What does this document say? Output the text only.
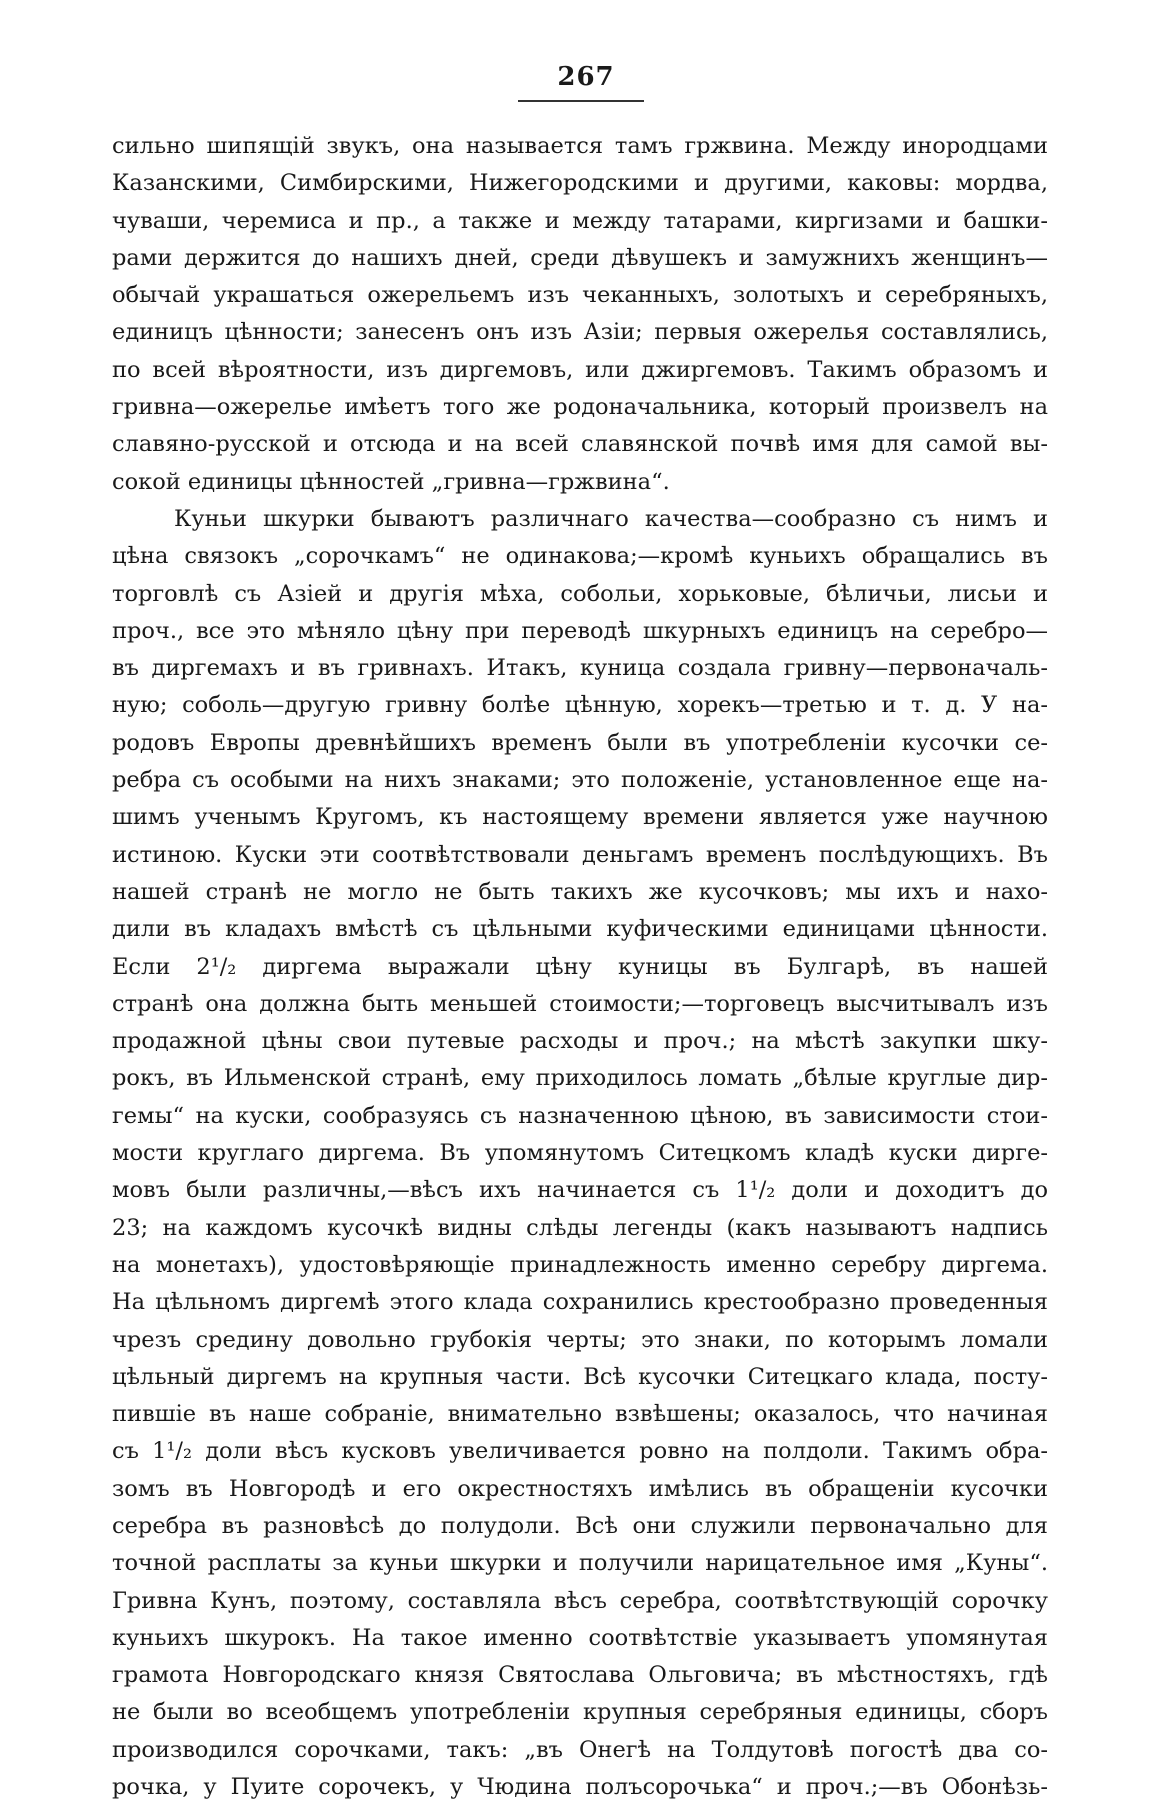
267
сильно шипящій звукъ, она называется тамъ гржвина. Между инородцами
Казанскими, Симбирскими, Нижегородскими и другими, каковы: мордва,
чуваши, черемиса и пр., а также и между татарами, киргизами и башки-
рами держится до нашихъ дней, среди дѣвушекъ и замужнихъ женщинъ—
обычай украшаться ожерельемъ изъ чеканныхъ, золотыхъ и серебряныхъ,
единицъ цѣнности; занесенъ онъ изъ Азіи; первыя ожерелья составлялись,
по всей вѣроятности, изъ диргемовъ, или джиргемовъ. Такимъ образомъ и
гривна—ожерелье имѣетъ того же родоначальника, который произвелъ на
славяно-русской и отсюда и на всей славянской почвѣ имя для самой вы-
сокой единицы цѣнностей „гривна—гржвина“.
Куньи шкурки бываютъ различнаго качества—сообразно съ нимъ и
цѣна связокъ „сорочкамъ“ не одинакова;—кромѣ куньихъ обращались въ
торговлѣ съ Азіей и другія мѣха, собольи, хорьковые, бѣличьи, лисьи и
проч., все это мѣняло цѣну при переводѣ шкурныхъ единицъ на серебро—
въ диргемахъ и въ гривнахъ. Итакъ, куница создала гривну—первоначаль-
ную; соболь—другую гривну болѣе цѣнную, хорекъ—третью и т. д. У на-
родовъ Европы древнѣйшихъ временъ были въ употребленіи кусочки се-
ребра съ особыми на нихъ знаками; это положеніе, установленное еще на-
шимъ ученымъ Кругомъ, къ настоящему времени является уже научною
истиною. Куски эти соотвѣтствовали деньгамъ временъ послѣдующихъ. Въ
нашей странѣ не могло не быть такихъ же кусочковъ; мы ихъ и нахо-
дили въ кладахъ вмѣстѣ съ цѣльными куфическими единицами цѣнности.
Если 2¹/₂ диргема выражали цѣну куницы въ Булгарѣ, въ нашей
странѣ она должна быть меньшей стоимости;—торговецъ высчитывалъ изъ
продажной цѣны свои путевые расходы и проч.; на мѣстѣ закупки шку-
рокъ, въ Ильменской странѣ, ему приходилось ломать „бѣлые круглые дир-
гемы“ на куски, сообразуясь съ назначенною цѣною, въ зависимости стои-
мости круглаго диргема. Въ упомянутомъ Ситецкомъ кладѣ куски дирге-
мовъ были различны,—вѣсъ ихъ начинается съ 1¹/₂ доли и доходитъ до
23; на каждомъ кусочкѣ видны слѣды легенды (какъ называютъ надпись
на монетахъ), удостовѣряющіе принадлежность именно серебру диргема.
На цѣльномъ диргемѣ этого клада сохранились крестообразно проведенныя
чрезъ средину довольно грубокія черты; это знаки, по которымъ ломали
цѣльный диргемъ на крупныя части. Всѣ кусочки Ситецкаго клада, посту-
пившіе въ наше собраніе, внимательно взвѣшены; оказалось, что начиная
съ 1¹/₂ доли вѣсъ кусковъ увеличивается ровно на полдоли. Такимъ обра-
зомъ въ Новгородѣ и его окрестностяхъ имѣлись въ обращеніи кусочки
серебра въ разновѣсѣ до полудоли. Всѣ они служили первоначально для
точной расплаты за куньи шкурки и получили нарицательное имя „Куны“.
Гривна Кунъ, поэтому, составляла вѣсъ серебра, соотвѣтствующій сорочку
куньихъ шкурокъ. На такое именно соотвѣтствіе указываетъ упомянутая
грамота Новгородскаго князя Святослава Ольговича; въ мѣстностяхъ, гдѣ
не были во всеобщемъ употребленіи крупныя серебряныя единицы, сборъ
производился сорочками, такъ: „въ Онегѣ на Толдутовѣ погостѣ два со-
рочка, у Пуите сорочекъ, у Чюдина полъсорочька“ и проч.;—въ Обонѣзь-
